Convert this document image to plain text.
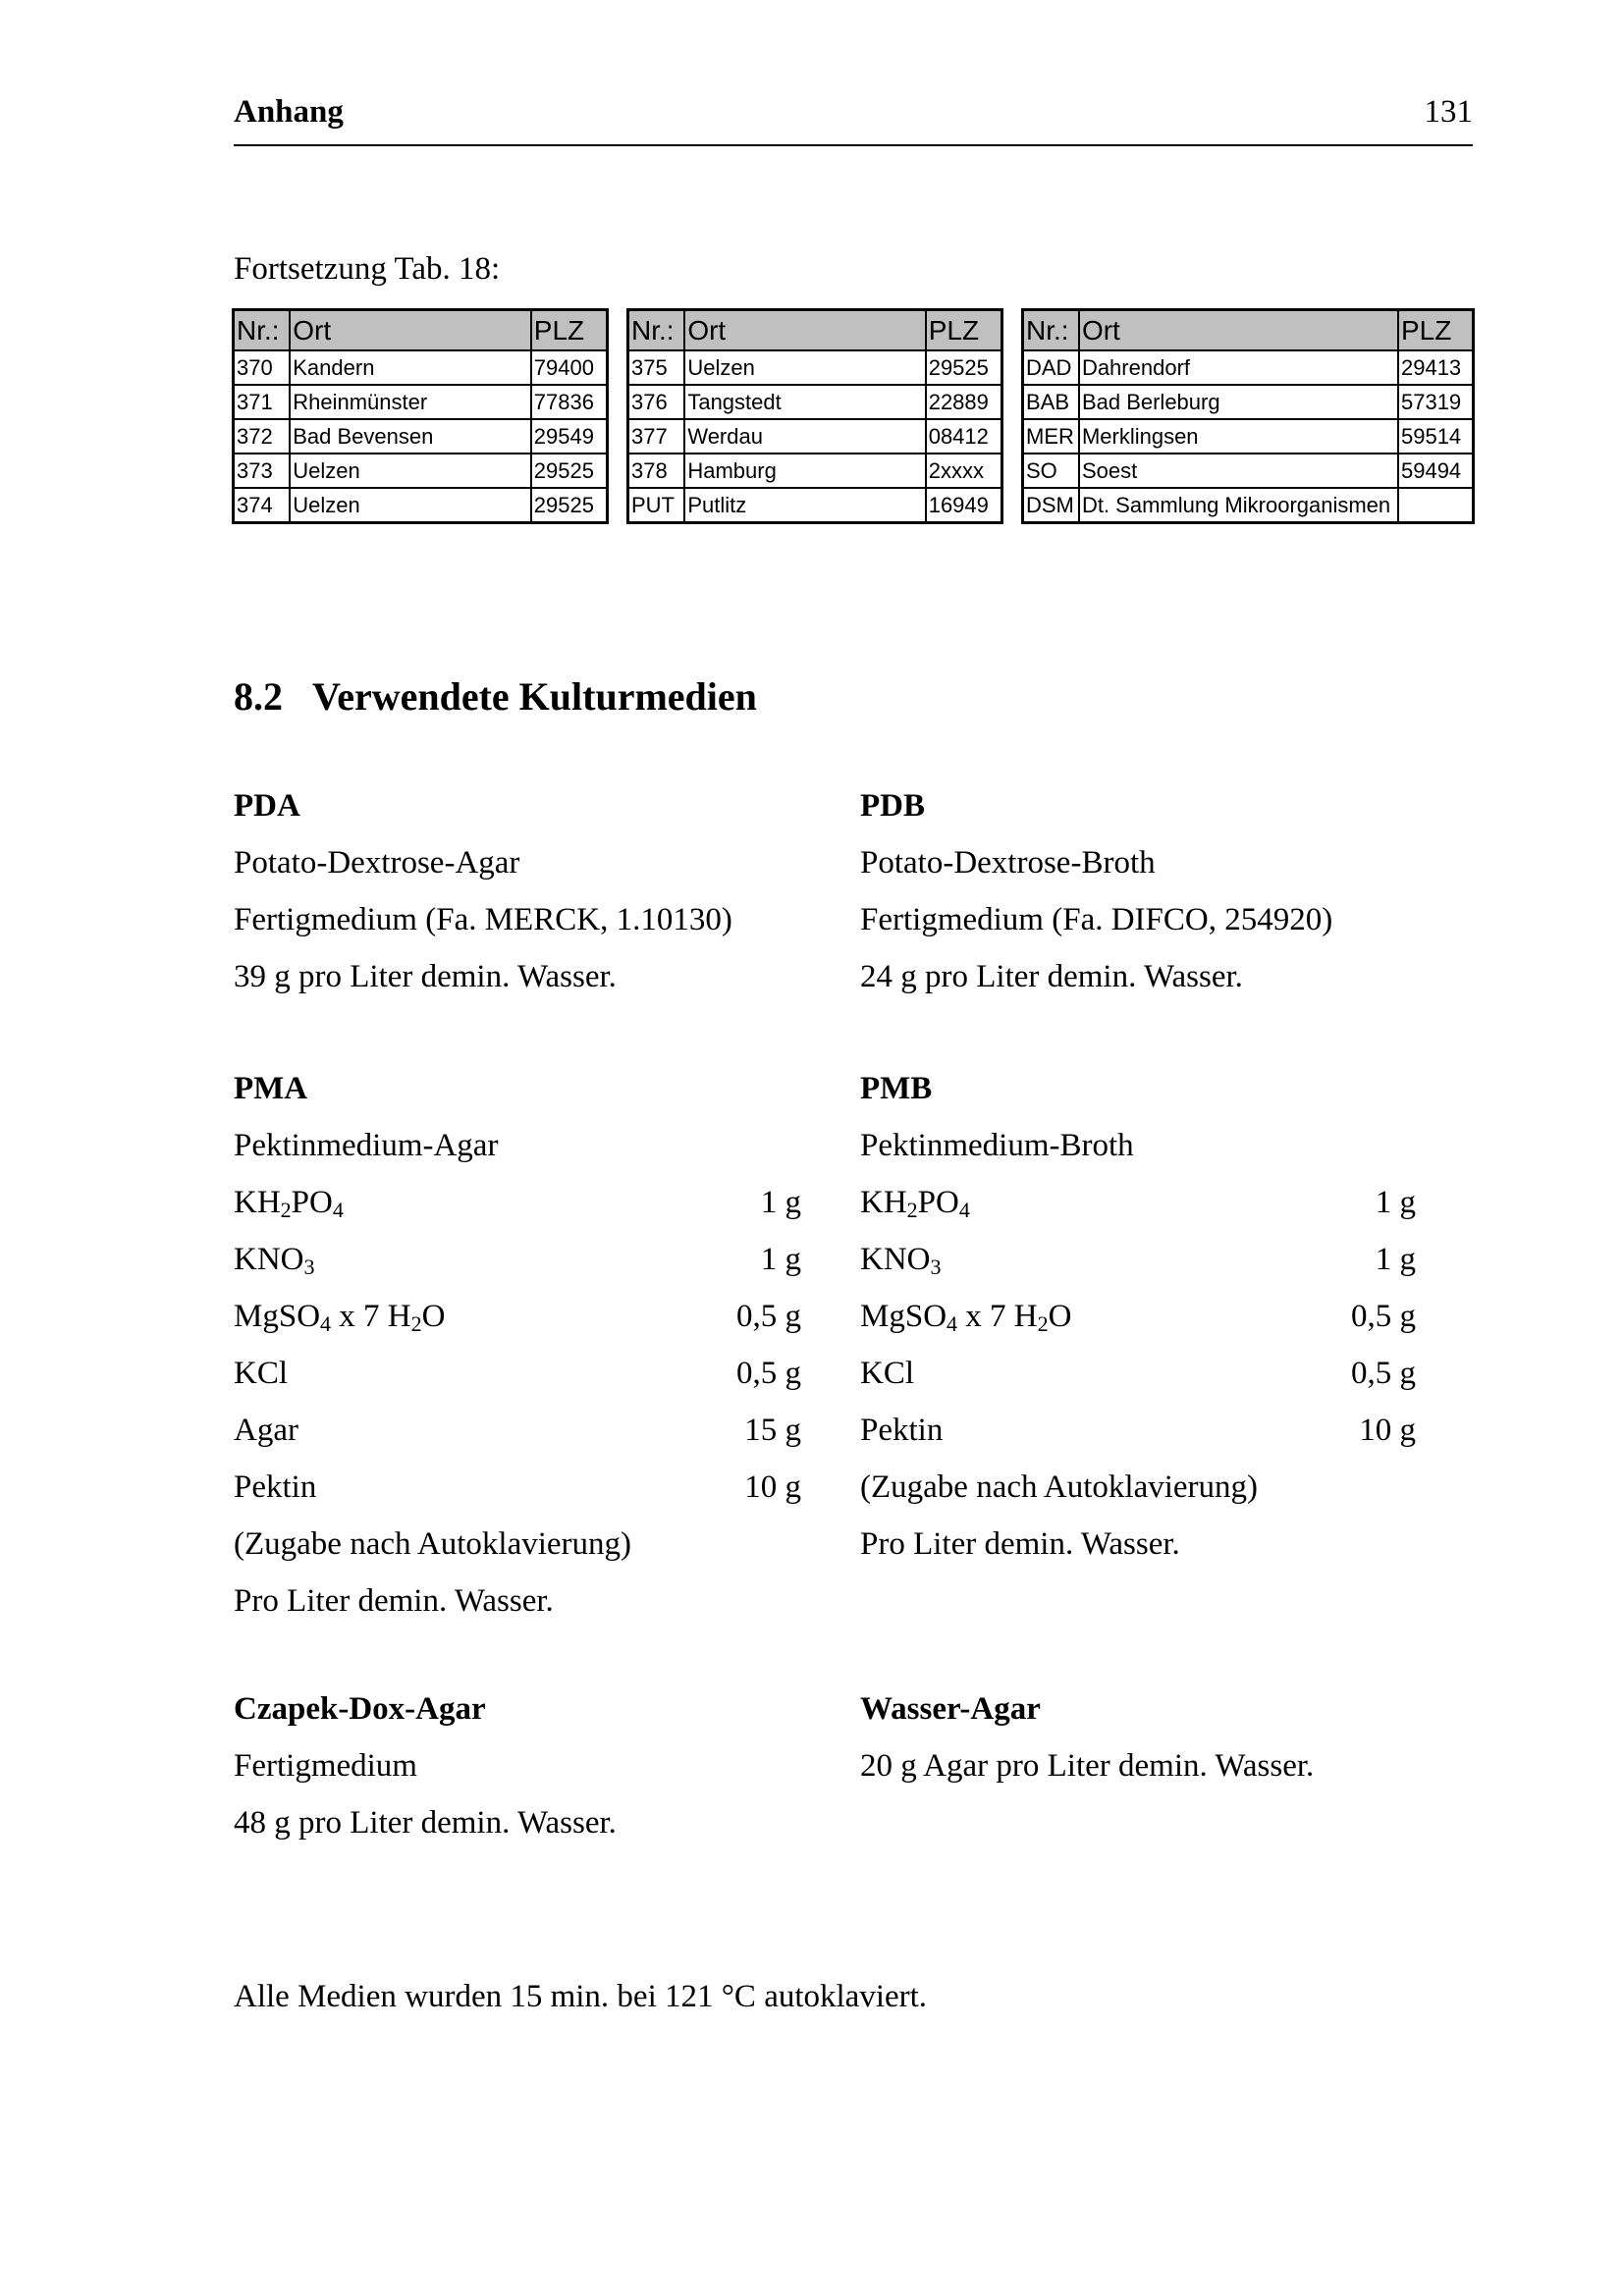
Anhang	131
Fortsetzung Tab. 18:
Nr.:	Ort	PLZ
370	Kandern	79400
371	Rheinmünster	77836
372	Bad Bevensen	29549
373	Uelzen	29525
374	Uelzen	29525
Nr.:	Ort	PLZ
375	Uelzen	29525
376	Tangstedt	22889
377	Werdau	08412
378	Hamburg	2xxxx
PUT	Putlitz	16949
Nr.:	Ort	PLZ
DAD	Dahrendorf	29413
BAB	Bad Berleburg	57319
MER	Merklingsen	59514
SO	Soest	59494
DSM	Dt. Sammlung Mikroorganismen	
8.2 Verwendete Kulturmedien
PDA
Potato-Dextrose-Agar
Fertigmedium (Fa. MERCK, 1.10130)
39 g pro Liter demin. Wasser.
PDB
Potato-Dextrose-Broth
Fertigmedium (Fa. DIFCO, 254920)
24 g pro Liter demin. Wasser.
PMA
Pektinmedium-Agar
$KH_2PO_4$	1 g
$KNO_3$	1 g
MgSO$_4$ x 7 $H_2O$	0,5 g
KCl	0,5 g
Agar	15 g
Pektin	10 g
(Zugabe nach Autoklavierung)
Pro Liter demin. Wasser.
PMB
Pektinmedium-Broth
$KH_2PO_4$	1 g
$KNO_3$	1 g
MgSO$_4$ x 7 $H_2O$	0,5 g
KCl	0,5 g
Pektin	10 g
(Zugabe nach Autoklavierung)
Pro Liter demin. Wasser.
Czapek-Dox-Agar
Fertigmedium
48 g pro Liter demin. Wasser.
Wasser-Agar
20 g Agar pro Liter demin. Wasser.
Alle Medien wurden 15 min. bei 121 °C autoklaviert.
